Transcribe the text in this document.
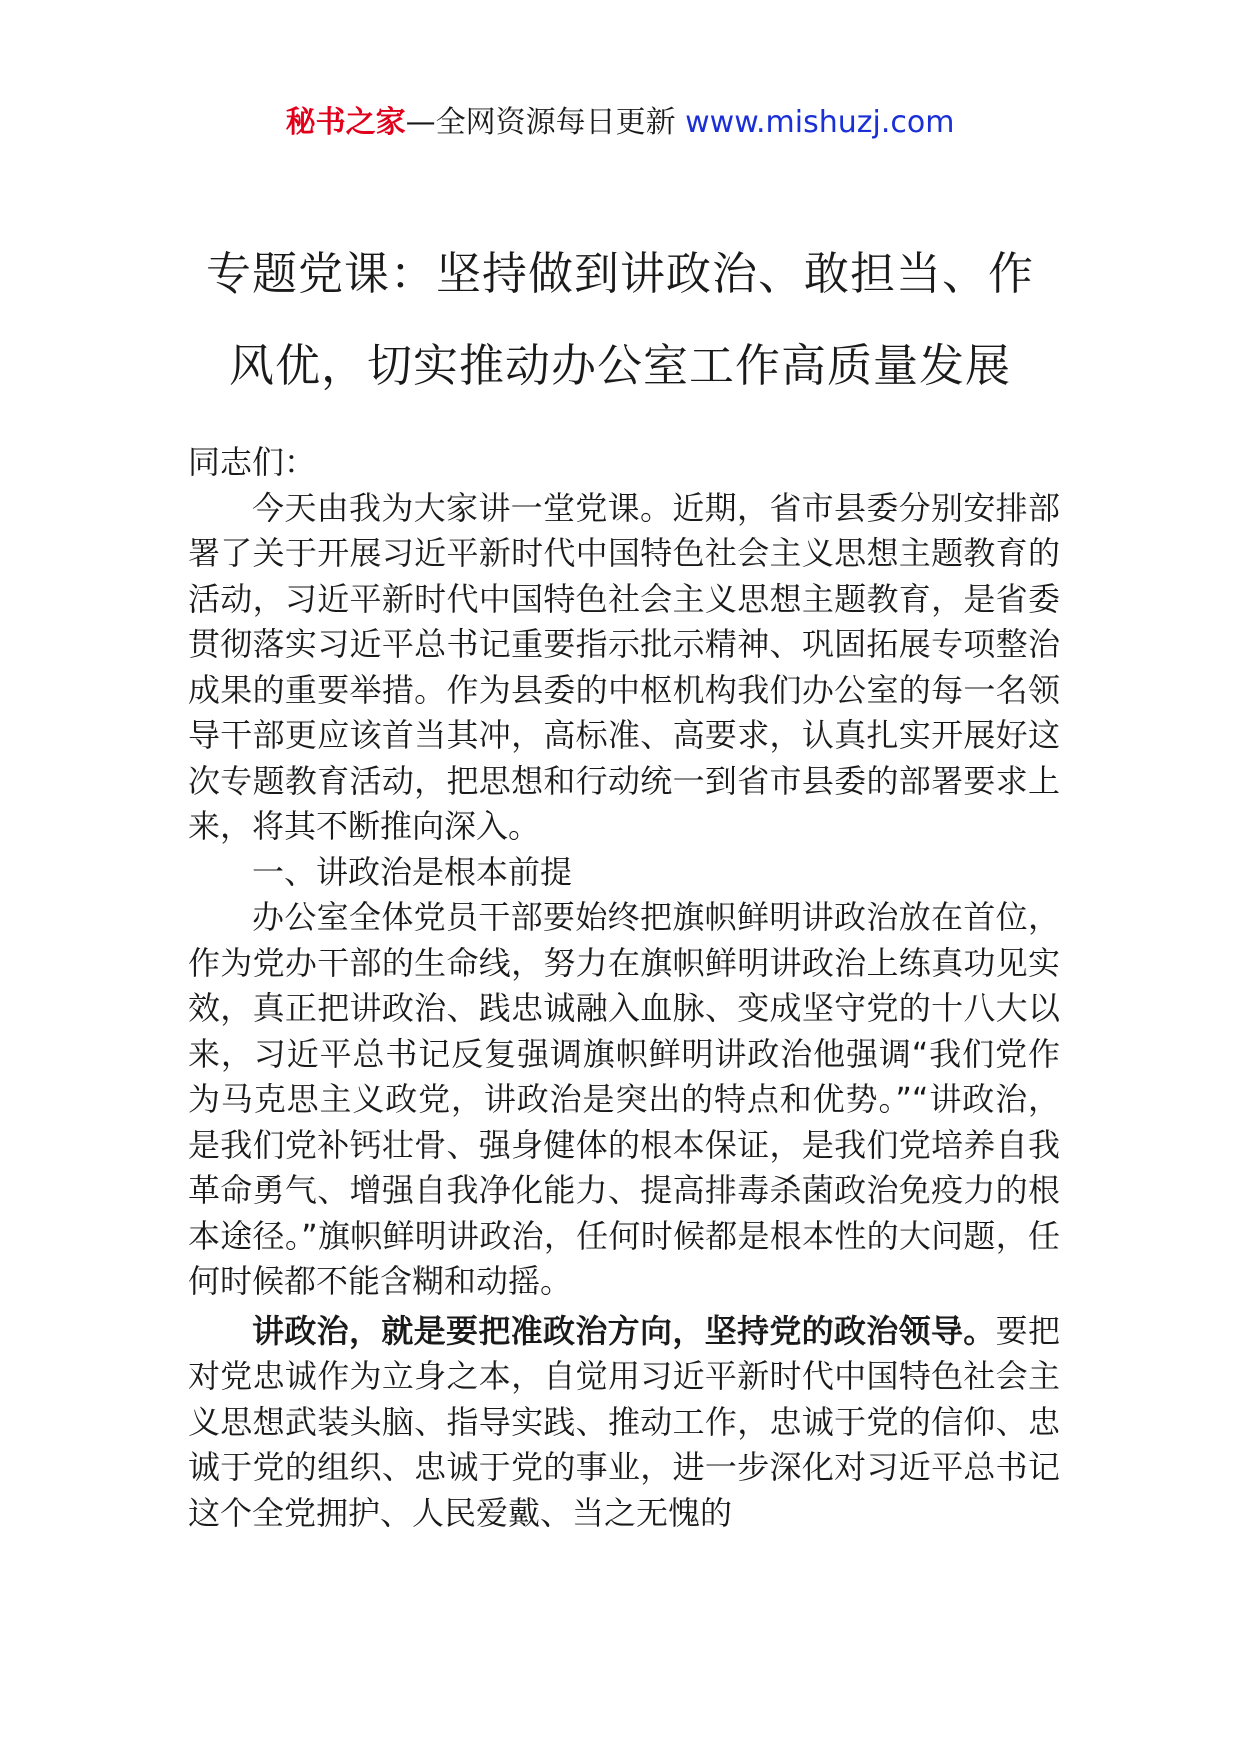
秘书之家—全网资源每日更新 www.mishuzj.com
专题党课：坚持做到讲政治、敢担当、作
风优，切实推动办公室工作高质量发展

同志们：

今天由我为大家讲一堂党课。近期，省市县委分别安排部署了关于开展习近平新时代中国特色社会主义思想主题教育的活动，习近平新时代中国特色社会主义思想主题教育，是省委贯彻落实习近平总书记重要指示批示精神、巩固拓展专项整治成果的重要举措。作为县委的中枢机构我们办公室的每一名领导干部更应该首当其冲，高标准、高要求，认真扎实开展好这次专题教育活动，把思想和行动统一到省市县委的部署要求上来，将其不断推向深入。

一、讲政治是根本前提

办公室全体党员干部要始终把旗帜鲜明讲政治放在首位，作为党办干部的生命线，努力在旗帜鲜明讲政治上练真功见实效，真正把讲政治、践忠诚融入血脉、变成坚守党的十八大以来，习近平总书记反复强调旗帜鲜明讲政治他强调“我们党作为马克思主义政党，讲政治是突出的特点和优势。”“讲政治，是我们党补钙壮骨、强身健体的根本保证，是我们党培养自我革命勇气、增强自我净化能力、提高排毒杀菌政治免疫力的根本途径。”旗帜鲜明讲政治，任何时候都是根本性的大问题，任何时候都不能含糊和动摇。

讲政治，就是要把准政治方向，坚持党的政治领导。要把对党忠诚作为立身之本，自觉用习近平新时代中国特色社会主义思想武装头脑、指导实践、推动工作，忠诚于党的信仰、忠诚于党的组织、忠诚于党的事业，进一步深化对习近平总书记这个全党拥护、人民爱戴、当之无愧的
